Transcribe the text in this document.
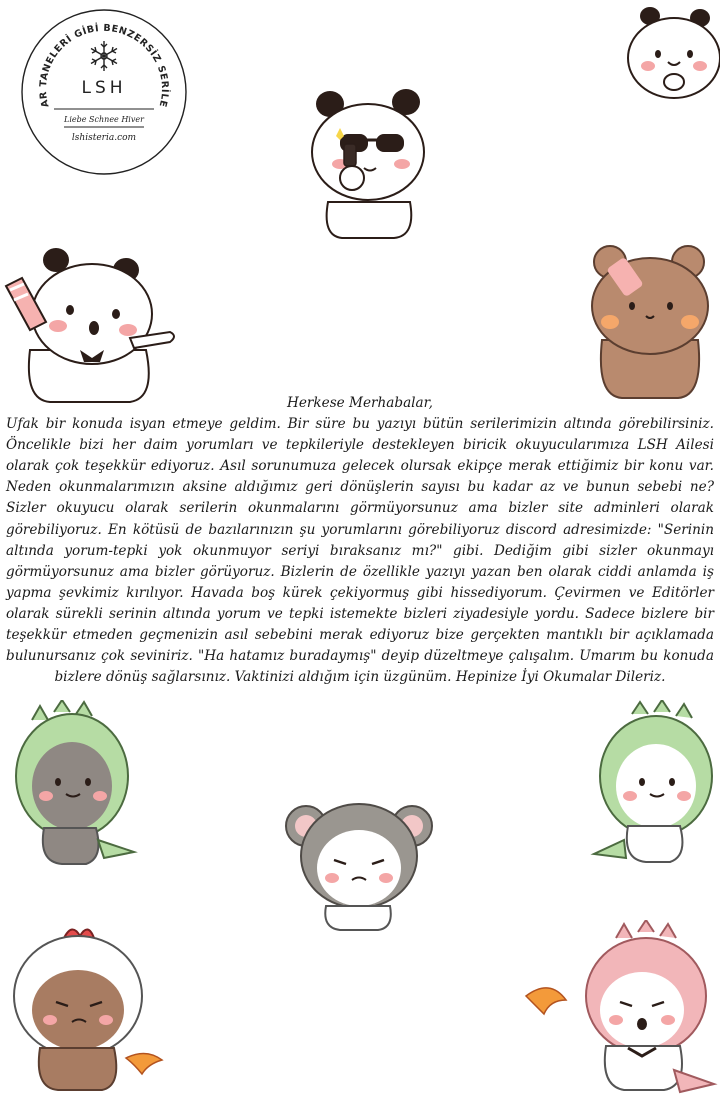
AR TANELERİ GİBİ BENZERSİZ SERİLE
LSH
Liebe Schnee Hiver
lshisteria.com
Herkese Merhabalar,
Ufak bir konuda isyan etmeye geldim. Bir süre bu yazıyı bütün serilerimizin altında görebilirsiniz. Öncelikle bizi her daim yorumları ve tepkileriyle destekleyen biricik okuyucularımıza LSH Ailesi olarak çok teşekkür ediyoruz. Asıl sorunumuza gelecek olursak ekipçe merak ettiğimiz bir konu var. Neden okunmalarımızın aksine aldığımız geri dönüşlerin sayısı bu kadar az ve bunun sebebi ne? Sizler okuyucu olarak serilerin okunmalarını görmüyorsunuz ama bizler site adminleri olarak görebiliyoruz. En kötüsü de bazılarınızın şu yorumlarını görebiliyoruz discord adresimizde: "Serinin altında yorum-tepki yok okunmuyor seriyi bıraksanız mı?" gibi. Dediğim gibi sizler okunmayı görmüyorsunuz ama bizler görüyoruz. Bizlerin de özellikle yazıyı yazan ben olarak ciddi anlamda iş yapma şevkimiz kırılıyor. Havada boş kürek çekiyormuş gibi hissediyorum. Çevirmen ve Editörler olarak sürekli serinin altında yorum ve tepki istemekte bizleri ziyadesiyle yordu. Sadece bizlere bir teşekkür etmeden geçmenizin asıl sebebini merak ediyoruz bize gerçekten mantıklı bir açıklamada bulunursanız çok seviniriz. "Ha hatamız buradaymış" deyip düzeltmeye çalışalım. Umarım bu konuda bizlere dönüş sağlarsınız. Vaktinizi aldığım için üzgünüm. Hepinize İyi Okumalar Dileriz.
